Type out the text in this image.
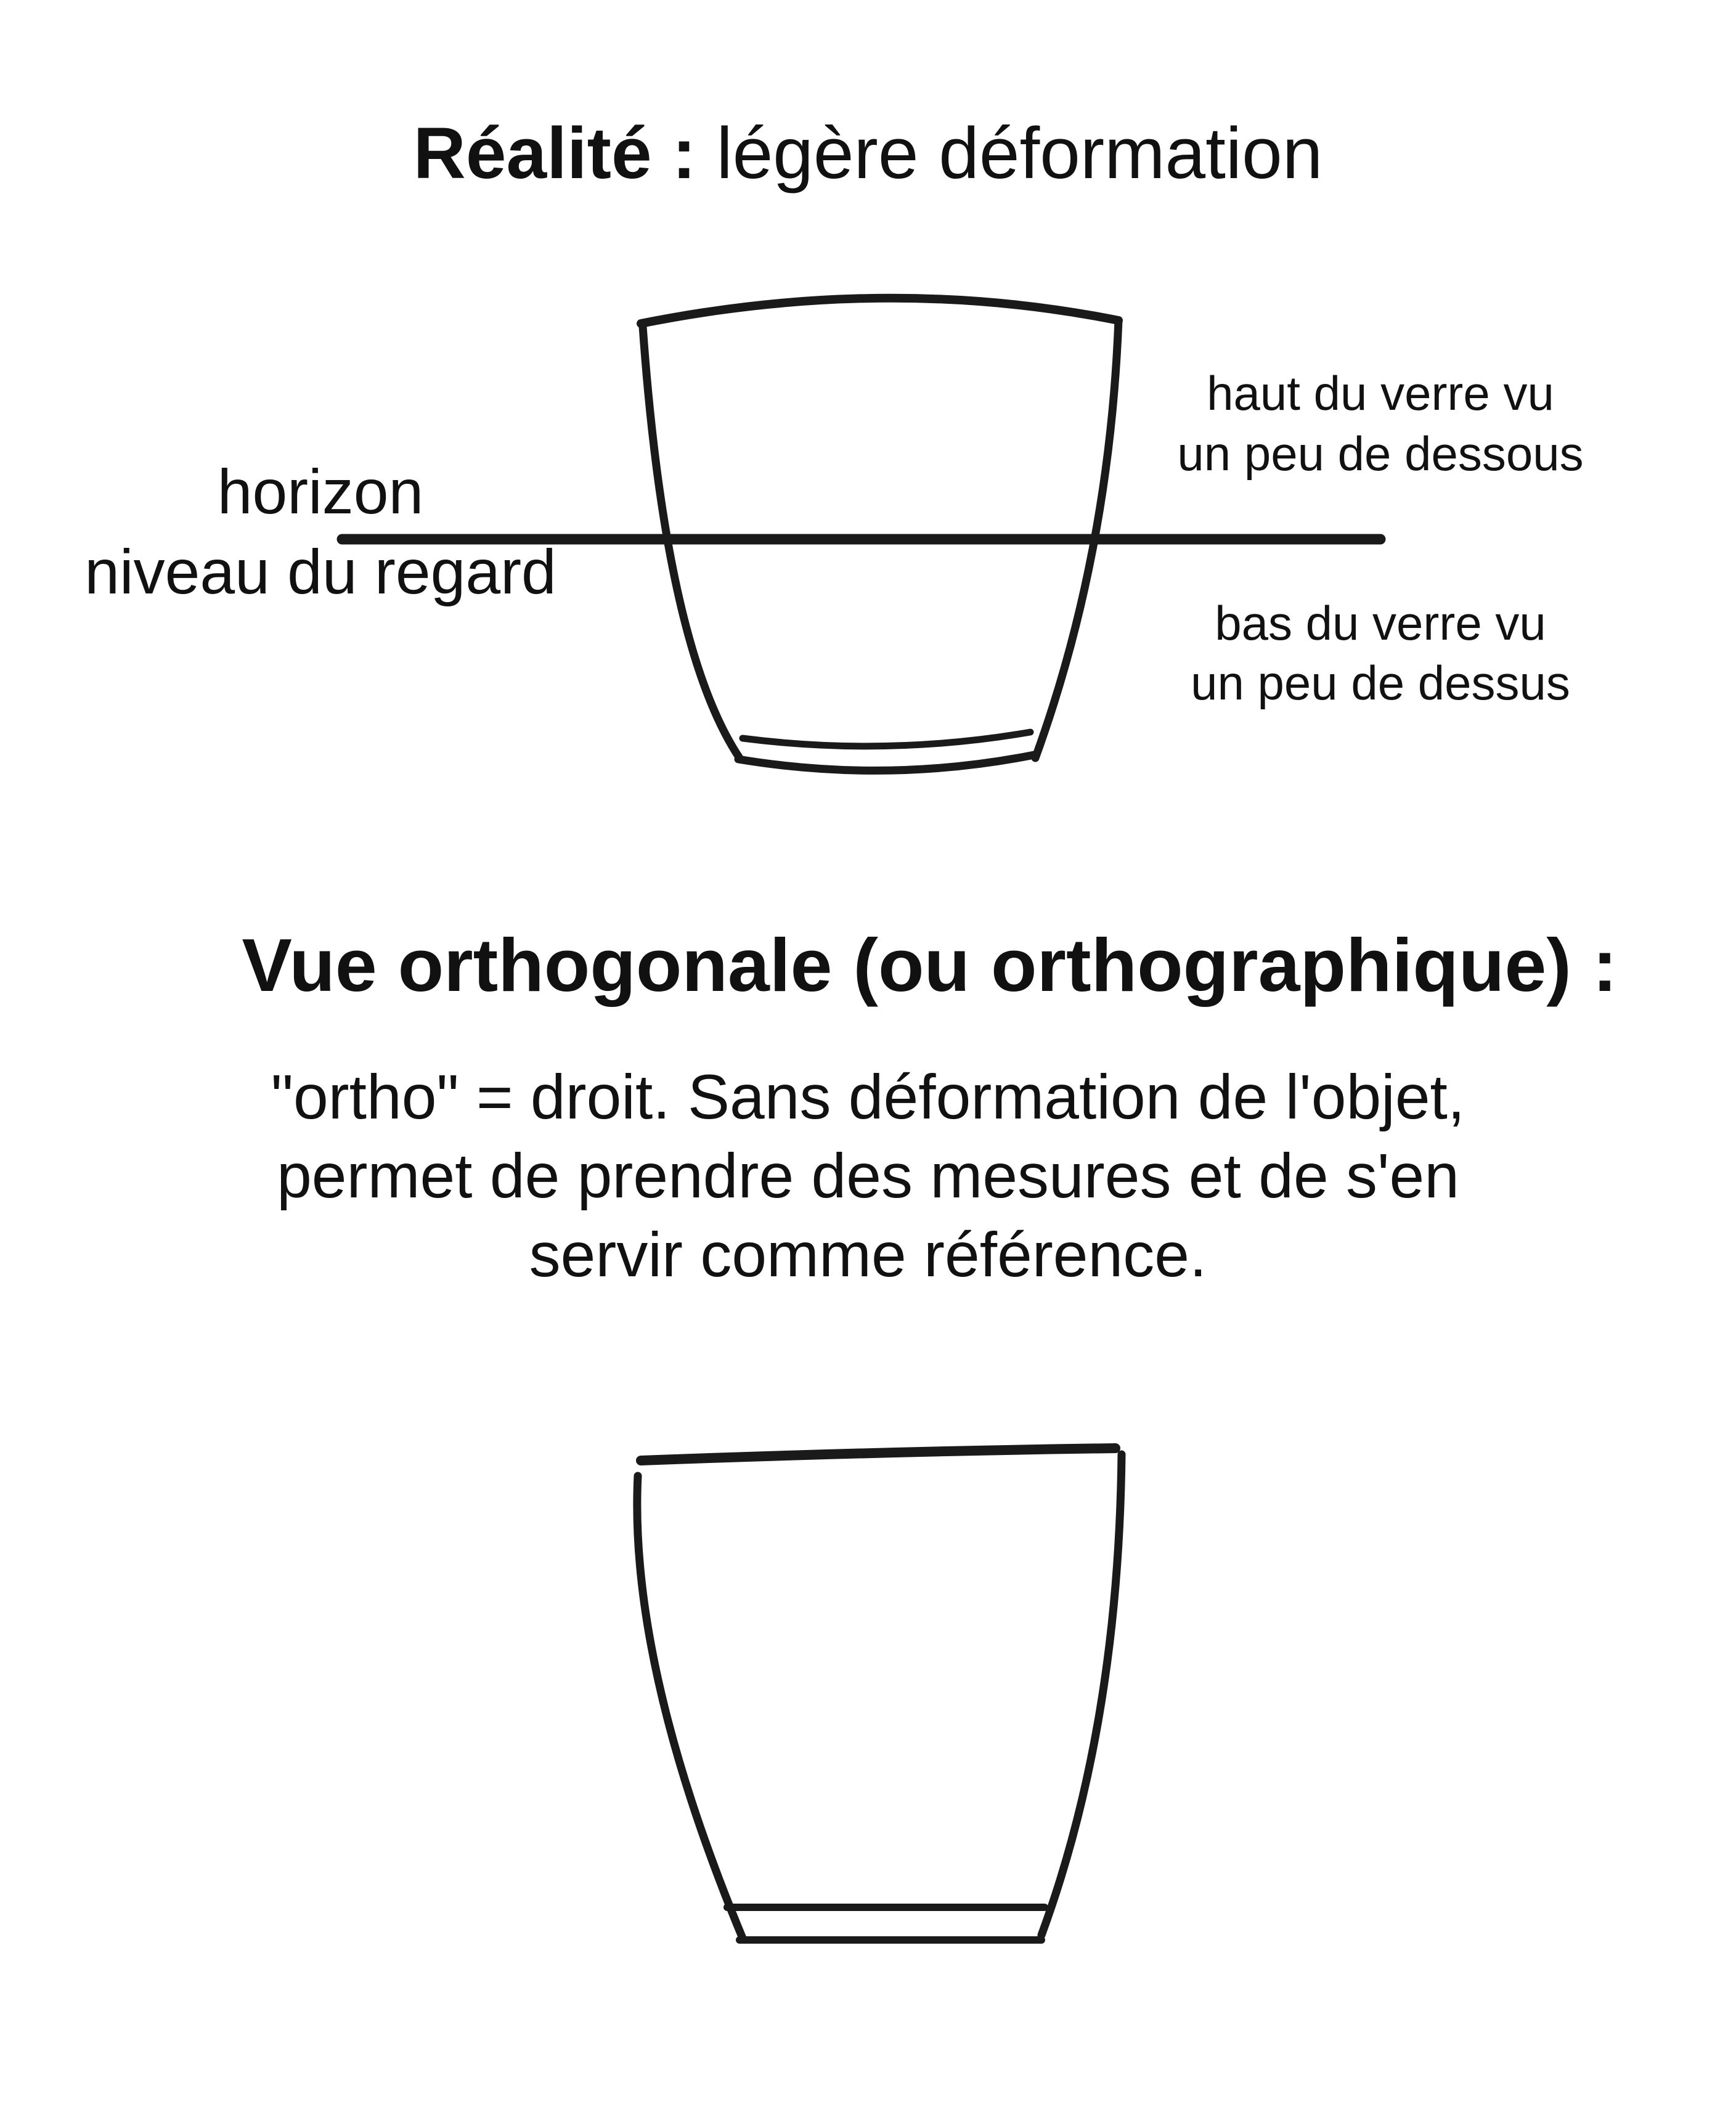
Réalité : légère déformation
horizon
niveau du regard
haut du verre vu
un peu de dessous
bas du verre vu
un peu de dessus
Vue orthogonale (ou orthographique) :
"ortho" = droit. Sans déformation de l'objet,
permet de prendre des mesures et de s'en
servir comme référence.
